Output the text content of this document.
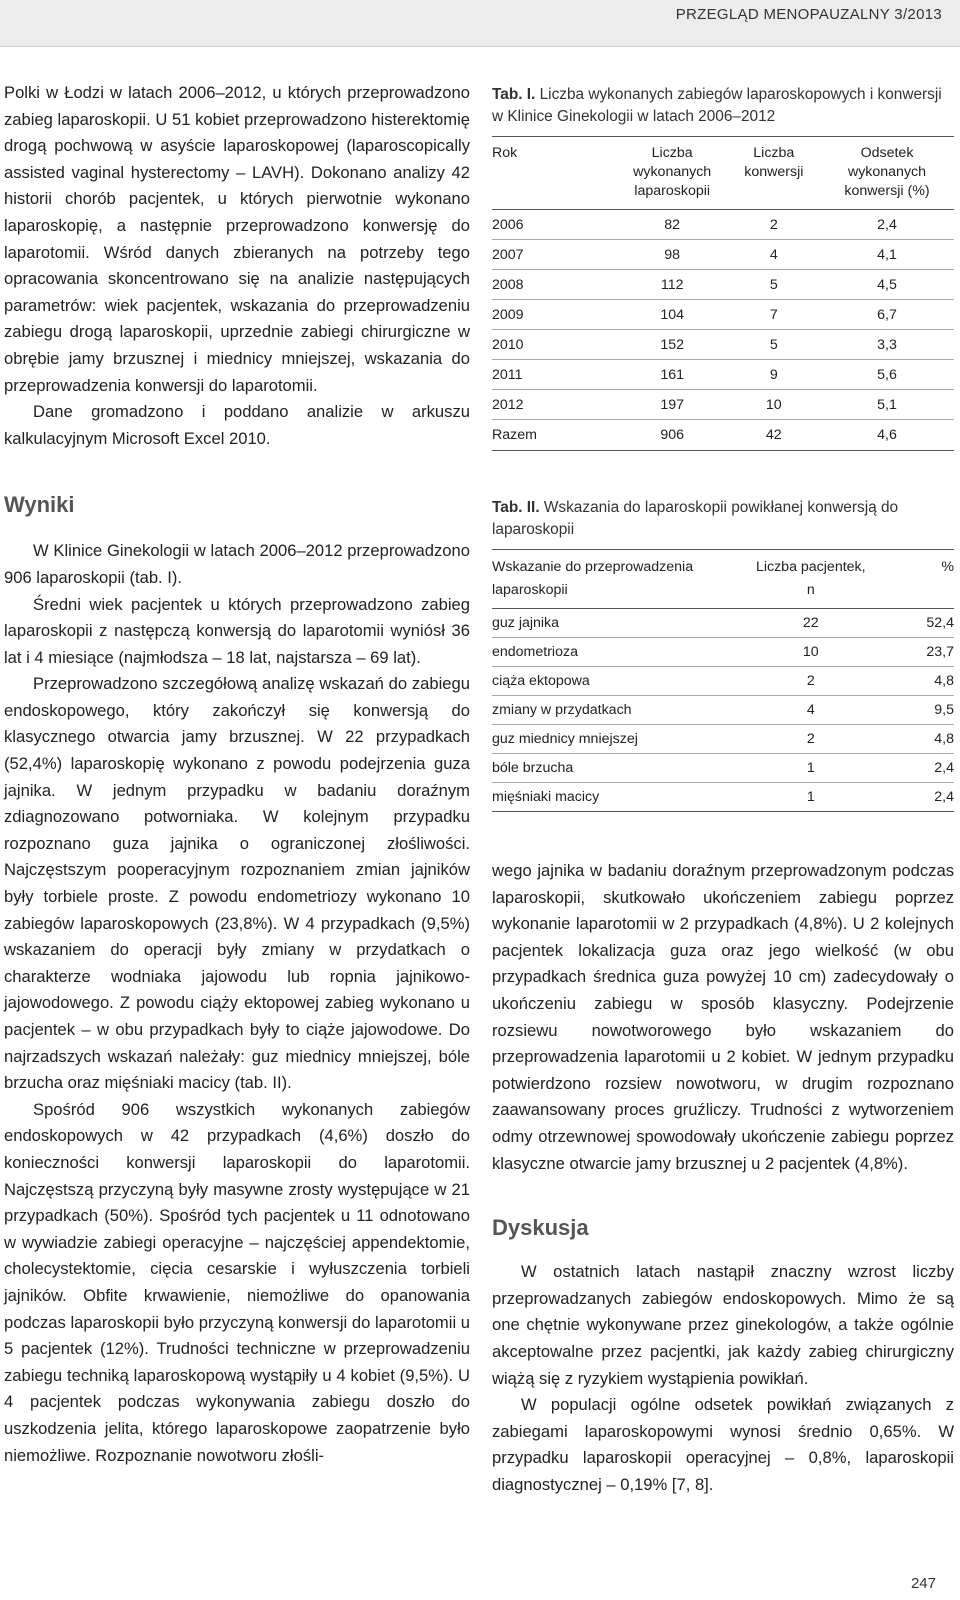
PRZEGLĄD MENOPAUZALNY 3/2013

Polki w Łodzi w latach 2006–2012, u których przeprowadzono zabieg laparoskopii. U 51 kobiet przeprowadzono histerektomię drogą pochwową w asyście laparoskopowej (laparoscopically assisted vaginal hysterectomy – LAVH). Dokonano analizy 42 historii chorób pacjentek, u których pierwotnie wykonano laparoskopię, a następnie przeprowadzono konwersję do laparotomii. Wśród danych zbieranych na potrzeby tego opracowania skoncentrowano się na analizie następujących parametrów: wiek pacjentek, wskazania do przeprowadzeniu zabiegu drogą laparoskopii, uprzednie zabiegi chirurgiczne w obrębie jamy brzusznej i miednicy mniejszej, wskazania do przeprowadzenia konwersji do laparotomii.

Dane gromadzono i poddano analizie w arkuszu kalkulacyjnym Microsoft Excel 2010.

Wyniki

W Klinice Ginekologii w latach 2006–2012 przeprowadzono 906 laparoskopii (tab. I).

Średni wiek pacjentek u których przeprowadzono zabieg laparoskopii z następczą konwersją do laparotomii wyniósł 36 lat i 4 miesiące (najmłodsza – 18 lat, najstarsza – 69 lat).

Przeprowadzono szczegółową analizę wskazań do zabiegu endoskopowego, który zakończył się konwersją do klasycznego otwarcia jamy brzusznej. W 22 przypadkach (52,4%) laparoskopię wykonano z powodu podejrzenia guza jajnika. W jednym przypadku w badaniu doraźnym zdiagnozowano potworniaka. W kolejnym przypadku rozpoznano guza jajnika o ograniczonej złośliwości. Najczęstszym pooperacyjnym rozpoznaniem zmian jajników były torbiele proste. Z powodu endometriozy wykonano 10 zabiegów laparoskopowych (23,8%). W 4 przypadkach (9,5%) wskazaniem do operacji były zmiany w przydatkach o charakterze wodniaka jajowodu lub ropnia jajnikowo-jajowodowego. Z powodu ciąży ektopowej zabieg wykonano u pacjentek – w obu przypadkach były to ciąże jajowodowe. Do najrzadszych wskazań należały: guz miednicy mniejszej, bóle brzucha oraz mięśniaki macicy (tab. II).

Spośród 906 wszystkich wykonanych zabiegów endoskopowych w 42 przypadkach (4,6%) doszło do konieczności konwersji laparoskopii do laparotomii. Najczęstszą przyczyną były masywne zrosty występujące w 21 przypadkach (50%). Spośród tych pacjentek u 11 odnotowano w wywiadzie zabiegi operacyjne – najczęściej appendektomie, cholecystektomie, cięcia cesarskie i wyłuszczenia torbieli jajników. Obfite krwawienie, niemożliwe do opanowania podczas laparoskopii było przyczyną konwersji do laparotomii u 5 pacjentek (12%). Trudności techniczne w przeprowadzeniu zabiegu techniką laparoskopową wystąpiły u 4 kobiet (9,5%). U 4 pacjentek podczas wykonywania zabiegu doszło do uszkodzenia jelita, którego laparoskopowe zaopatrzenie było niemożliwe. Rozpoznanie nowotworu złośli-

Tab. I. Liczba wykonanych zabiegów laparoskopowych i konwersji w Klinice Ginekologii w latach 2006–2012
Rok	Liczba wykonanych laparoskopii	Liczba konwersji	Odsetek wykonanych konwersji (%)
2006	82	2	2,4
2007	98	4	4,1
2008	112	5	4,5
2009	104	7	6,7
2010	152	5	3,3
2011	161	9	5,6
2012	197	10	5,1
Razem	906	42	4,6
Tab. II. Wskazania do laparoskopii powikłanej konwersją do laparoskopii
Wskazanie do przeprowadzenia laparoskopii	Liczba pacjentek, n	%
guz jajnika	22	52,4
endometrioza	10	23,7
ciąża ektopowa	2	4,8
zmiany w przydatkach	4	9,5
guz miednicy mniejszej	2	4,8
bóle brzucha	1	2,4
mięśniaki macicy	1	2,4

wego jajnika w badaniu doraźnym przeprowadzonym podczas laparoskopii, skutkowało ukończeniem zabiegu poprzez wykonanie laparotomii w 2 przypadkach (4,8%). U 2 kolejnych pacjentek lokalizacja guza oraz jego wielkość (w obu przypadkach średnica guza powyżej 10 cm) zadecydowały o ukończeniu zabiegu w sposób klasyczny. Podejrzenie rozsiewu nowotworowego było wskazaniem do przeprowadzenia laparotomii u 2 kobiet. W jednym przypadku potwierdzono rozsiew nowotworu, w drugim rozpoznano zaawansowany proces gruźliczy. Trudności z wytworzeniem odmy otrzewnowej spowodowały ukończenie zabiegu poprzez klasyczne otwarcie jamy brzusznej u 2 pacjentek (4,8%).

Dyskusja

W ostatnich latach nastąpił znaczny wzrost liczby przeprowadzanych zabiegów endoskopowych. Mimo że są one chętnie wykonywane przez ginekologów, a także ogólnie akceptowalne przez pacjentki, jak każdy zabieg chirurgiczny wiążą się z ryzykiem wystąpienia powikłań.

W populacji ogólne odsetek powikłań związanych z zabiegami laparoskopowymi wynosi średnio 0,65%. W przypadku laparoskopii operacyjnej – 0,8%, laparoskopii diagnostycznej – 0,19% [7, 8].

247
